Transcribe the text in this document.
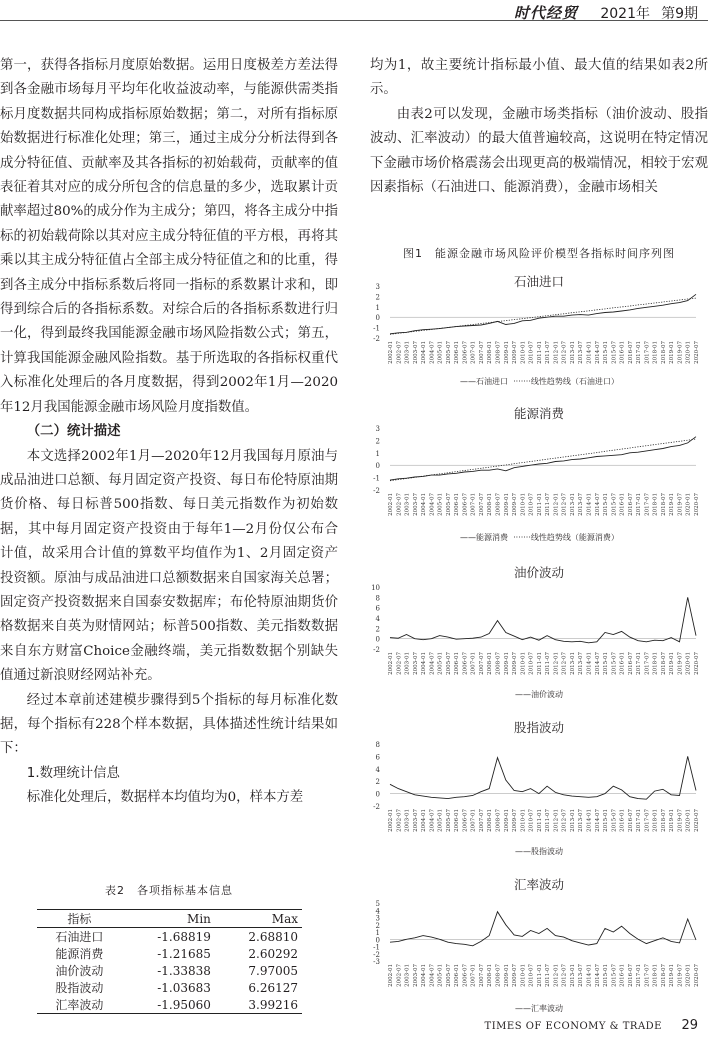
时代经贸 2021年 第9期

第一，获得各指标月度原始数据。运用日度极差方差法得到各金融市场每月平均年化收益波动率，与能源供需类指标月度数据共同构成指标原始数据；第二，对所有指标原始数据进行标准化处理；第三，通过主成分分析法得到各成分特征值、贡献率及其各指标的初始载荷，贡献率的值表征着其对应的成分所包含的信息量的多少，选取累计贡献率超过80%的成分作为主成分；第四，将各主成分中指标的初始载荷除以其对应主成分特征值的平方根，再将其乘以其主成分特征值占全部主成分特征值之和的比重，得到各主成分中指标系数后将同一指标的系数累计求和，即得到综合后的各指标系数。对综合后的各指标系数进行归一化，得到最终我国能源金融市场风险指数公式；第五，计算我国能源金融风险指数。基于所选取的各指标权重代入标准化处理后的各月度数据，得到2002年1月—2020年12月我国能源金融市场风险月度指数值。

（二）统计描述

本文选择2002年1月—2020年12月我国每月原油与成品油进口总额、每月固定资产投资、每日布伦特原油期货价格、每日标普500指数、每日美元指数作为初始数据，其中每月固定资产投资由于每年1—2月份仅公布合计值，故采用合计值的算数平均值作为1、2月固定资产投资额。原油与成品油进口总额数据来自国家海关总署；固定资产投资数据来自国泰安数据库；布伦特原油期货价格数据来自英为财情网站；标普500指数、美元指数数据来自东方财富Choice金融终端，美元指数数据个别缺失值通过新浪财经网站补充。

经过本章前述建模步骤得到5个指标的每月标准化数据，每个指标有228个样本数据，具体描述性统计结果如下：

1.数理统计信息

标准化处理后，数据样本均值均为0，样本方差

表2　各项指标基本信息
指标	Min	Max
石油进口	-1.68819	2.68810
能源消费	-1.21685	2.60292
油价波动	-1.33838	7.97005
股指波动	-1.03683	6.26127
汇率波动	-1.95060	3.99216

均为1，故主要统计指标最小值、最大值的结果如表2所示。

由表2可以发现，金融市场类指标（油价波动、股指波动、汇率波动）的最大值普遍较高，这说明在特定情况下金融市场价格震荡会出现更高的极端情况，相较于宏观因素指标（石油进口、能源消费），金融市场相关

图1　能源金融市场风险评价模型各指标时间序列图
石油进口
3
2
1
0
-1
-2
2002-01 2002-07 2003-01 2003-07 2004-01 2004-07 2005-01 2005-07 2006-01 2006-07 2007-01 2007-07 2008-01 2008-07 2009-01 2009-07 2010-01 2010-07 2011-01 2011-07 2012-01 2012-07 2013-01 2013-07 2014-01 2014-07 2015-01 2015-07 2016-01 2016-07 2017-01 2017-07 2018-01 2018-07 2019-01 2019-07 2020-01 2020-07
——石油进口 ·······线性趋势线（石油进口）
能源消费
3
2
1
0
-1
-2
2002-01 2002-07 2003-01 2003-07 2004-01 2004-07 2005-01 2005-07 2006-01 2006-07 2007-01 2007-07 2008-01 2008-07 2009-01 2009-07 2010-01 2010-07 2011-01 2011-07 2012-01 2012-07 2013-01 2013-07 2014-01 2014-07 2015-01 2015-07 2016-01 2016-07 2017-01 2017-07 2018-01 2018-07 2019-01 2019-07 2020-01 2020-07
——能源消费 ·······线性趋势线（能源消费）
油价波动
10
8
6
4
2
0
-2
2002-01 2002-07 2003-01 2003-07 2004-01 2004-07 2005-01 2005-07 2006-01 2006-07 2007-01 2007-07 2008-01 2008-07 2009-01 2009-07 2010-01 2010-07 2011-01 2011-07 2012-01 2012-07 2013-01 2013-07 2014-01 2014-07 2015-01 2015-07 2016-01 2016-07 2017-01 2017-07 2018-01 2018-07 2019-01 2019-07 2020-01 2020-07
——油价波动
股指波动
8
6
4
2
0
-2
2002-01 2002-07 2003-01 2003-07 2004-01 2004-07 2005-01 2005-07 2006-01 2006-07 2007-01 2007-07 2008-01 2008-07 2009-01 2009-07 2010-01 2010-07 2011-01 2011-07 2012-01 2012-07 2013-01 2013-07 2014-01 2014-07 2015-01 2015-07 2016-01 2016-07 2017-01 2017-07 2018-01 2018-07 2019-01 2019-07 2020-01 2020-07
——股指波动
汇率波动
5
4
3
2
1
0
-1
-2
-3
2002-01 2002-07 2003-01 2003-07 2004-01 2004-07 2005-01 2005-07 2006-01 2006-07 2007-01 2007-07 2008-01 2008-07 2009-01 2009-07 2010-01 2010-07 2011-01 2011-07 2012-01 2012-07 2013-01 2013-07 2014-01 2014-07 2015-01 2015-07 2016-01 2016-07 2017-01 2017-07 2018-01 2018-07 2019-01 2019-07 2020-01 2020-07
——汇率波动
TIMES OF ECONOMY & TRADE 29
